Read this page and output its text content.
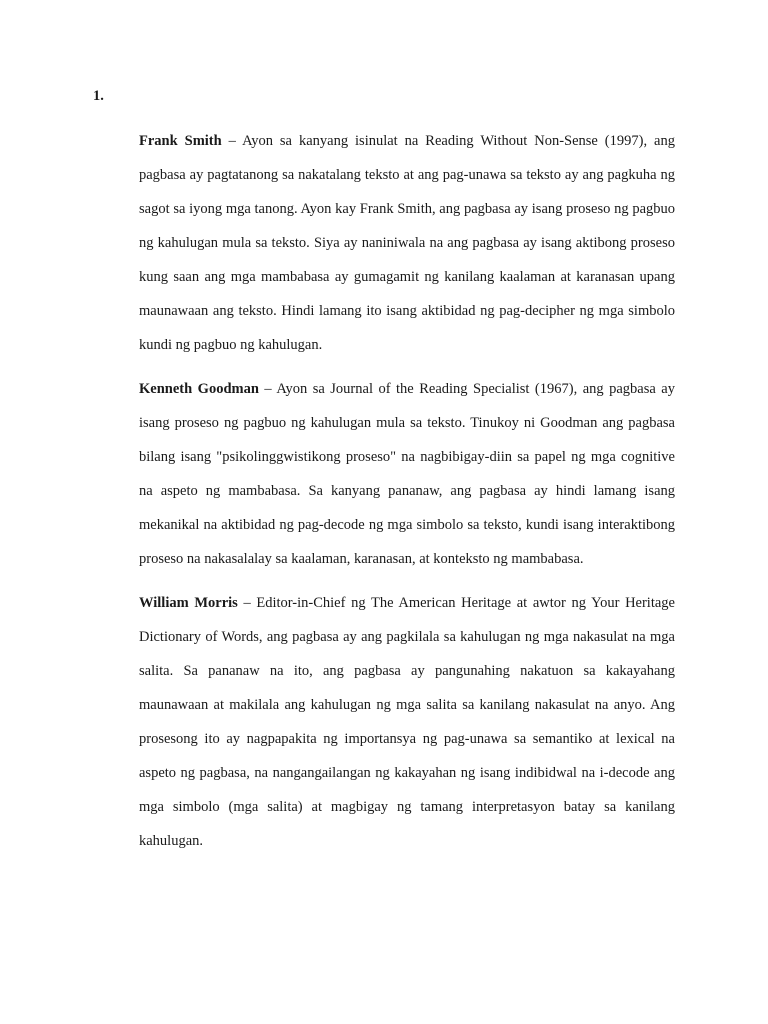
1.

Frank Smith – Ayon sa kanyang isinulat na Reading Without Non-Sense (1997), ang pagbasa ay pagtatanong sa nakatalang teksto at ang pag-unawa sa teksto ay ang pagkuha ng sagot sa iyong mga tanong. Ayon kay Frank Smith, ang pagbasa ay isang proseso ng pagbuo ng kahulugan mula sa teksto. Siya ay naniniwala na ang pagbasa ay isang aktibong proseso kung saan ang mga mambabasa ay gumagamit ng kanilang kaalaman at karanasan upang maunawaan ang teksto. Hindi lamang ito isang aktibidad ng pag-decipher ng mga simbolo kundi ng pagbuo ng kahulugan.

Kenneth Goodman – Ayon sa Journal of the Reading Specialist (1967), ang pagbasa ay isang proseso ng pagbuo ng kahulugan mula sa teksto. Tinukoy ni Goodman ang pagbasa bilang isang "psikolinggwistikong proseso" na nagbibigay-diin sa papel ng mga cognitive na aspeto ng mambabasa. Sa kanyang pananaw, ang pagbasa ay hindi lamang isang mekanikal na aktibidad ng pag-decode ng mga simbolo sa teksto, kundi isang interaktibong proseso na nakasalalay sa kaalaman, karanasan, at konteksto ng mambabasa.

William Morris – Editor-in-Chief ng The American Heritage at awtor ng Your Heritage Dictionary of Words, ang pagbasa ay ang pagkilala sa kahulugan ng mga nakasulat na mga salita. Sa pananaw na ito, ang pagbasa ay pangunahing nakatuon sa kakayahang maunawaan at makilala ang kahulugan ng mga salita sa kanilang nakasulat na anyo. Ang prosesong ito ay nagpapakita ng importansya ng pag-unawa sa semantiko at lexical na aspeto ng pagbasa, na nangangailangan ng kakayahan ng isang indibidwal na i-decode ang mga simbolo (mga salita) at magbigay ng tamang interpretasyon batay sa kanilang kahulugan.
